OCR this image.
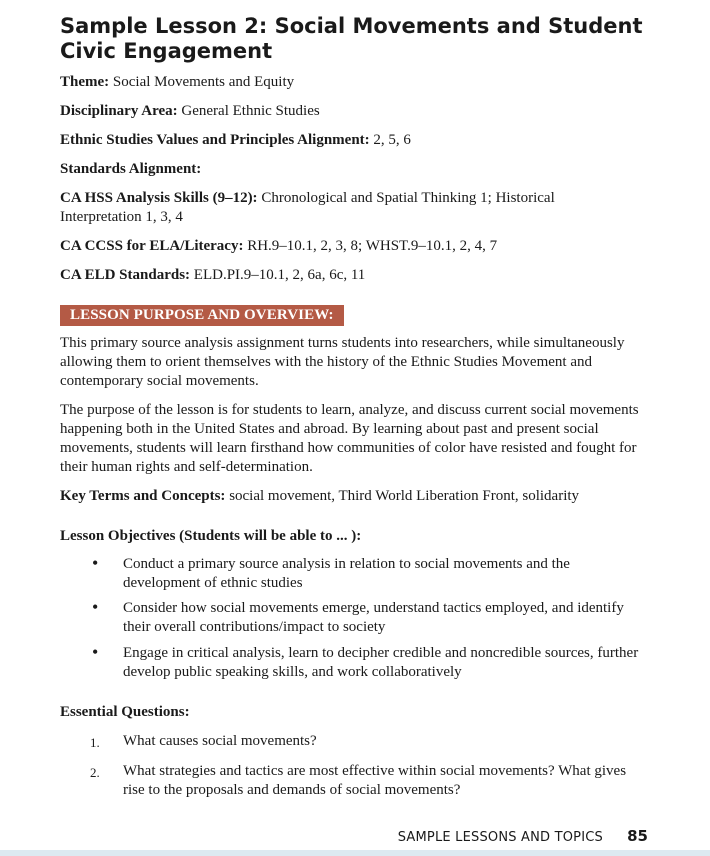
Sample Lesson 2: Social Movements and Student Civic Engagement

Theme: Social Movements and Equity

Disciplinary Area: General Ethnic Studies

Ethnic Studies Values and Principles Alignment: 2, 5, 6

Standards Alignment:

CA HSS Analysis Skills (9–12): Chronological and Spatial Thinking 1; Historical Interpretation 1, 3, 4

CA CCSS for ELA/Literacy: RH.9–10.1, 2, 3, 8; WHST.9–10.1, 2, 4, 7

CA ELD Standards: ELD.PI.9–10.1, 2, 6a, 6c, 11

LESSON PURPOSE AND OVERVIEW:

This primary source analysis assignment turns students into researchers, while simultaneously allowing them to orient themselves with the history of the Ethnic Studies Movement and contemporary social movements.

The purpose of the lesson is for students to learn, analyze, and discuss current social movements happening both in the United States and abroad. By learning about past and present social movements, students will learn firsthand how communities of color have resisted and fought for their human rights and self-determination.

Key Terms and Concepts: social movement, Third World Liberation Front, solidarity

Lesson Objectives (Students will be able to ... ):

• Conduct a primary source analysis in relation to social movements and the development of ethnic studies
• Consider how social movements emerge, understand tactics employed, and identify their overall contributions/impact to society
• Engage in critical analysis, learn to decipher credible and noncredible sources, further develop public speaking skills, and work collaboratively

Essential Questions:

1. What causes social movements?
2. What strategies and tactics are most effective within social movements? What gives rise to the proposals and demands of social movements?
SAMPLE LESSONS AND TOPICS 85
